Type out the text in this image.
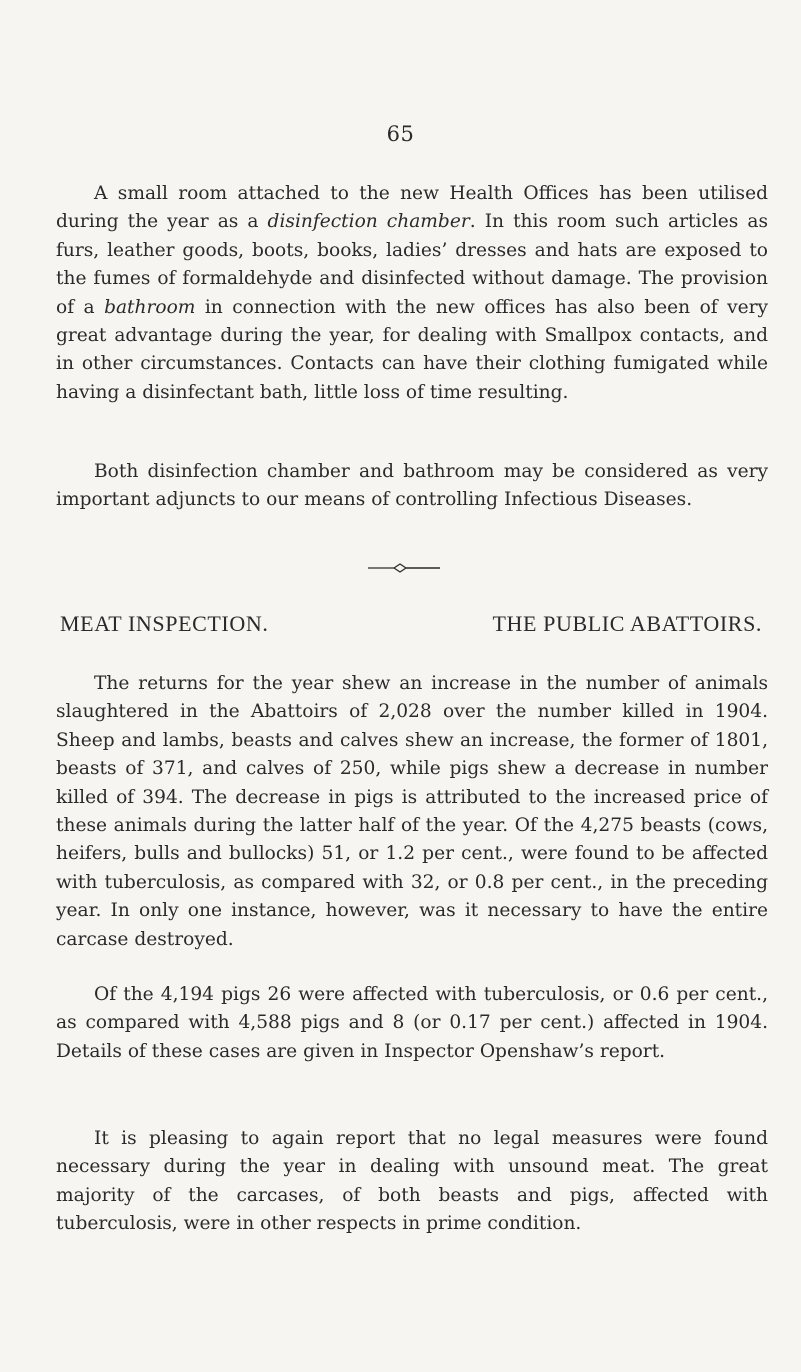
65

A small room attached to the new Health Offices has been utilised during the year as a disinfection chamber. In this room such articles as furs, leather goods, boots, books, ladies’ dresses and hats are exposed to the fumes of formaldehyde and disinfected without damage. The provision of a bathroom in connection with the new offices has also been of very great advantage during the year, for dealing with Smallpox contacts, and in other circumstances. Contacts can have their clothing fumigated while having a disinfectant bath, little loss of time resulting.

Both disinfection chamber and bathroom may be considered as very important adjuncts to our means of controlling Infectious Diseases.

MEAT INSPECTION.	THE PUBLIC ABATTOIRS.

The returns for the year shew an increase in the number of animals slaughtered in the Abattoirs of 2,028 over the number killed in 1904. Sheep and lambs, beasts and calves shew an increase, the former of 1801, beasts of 371, and calves of 250, while pigs shew a decrease in number killed of 394. The decrease in pigs is attributed to the increased price of these animals during the latter half of the year. Of the 4,275 beasts (cows, heifers, bulls and bullocks) 51, or 1.2 per cent., were found to be affected with tuberculosis, as compared with 32, or 0.8 per cent., in the preceding year. In only one instance, however, was it necessary to have the entire carcase destroyed.

Of the 4,194 pigs 26 were affected with tuberculosis, or 0.6 per cent., as compared with 4,588 pigs and 8 (or 0.17 per cent.) affected in 1904. Details of these cases are given in Inspector Openshaw’s report.

It is pleasing to again report that no legal measures were found necessary during the year in dealing with unsound meat. The great majority of the carcases, of both beasts and pigs, affected with tuberculosis, were in other respects in prime condition.
